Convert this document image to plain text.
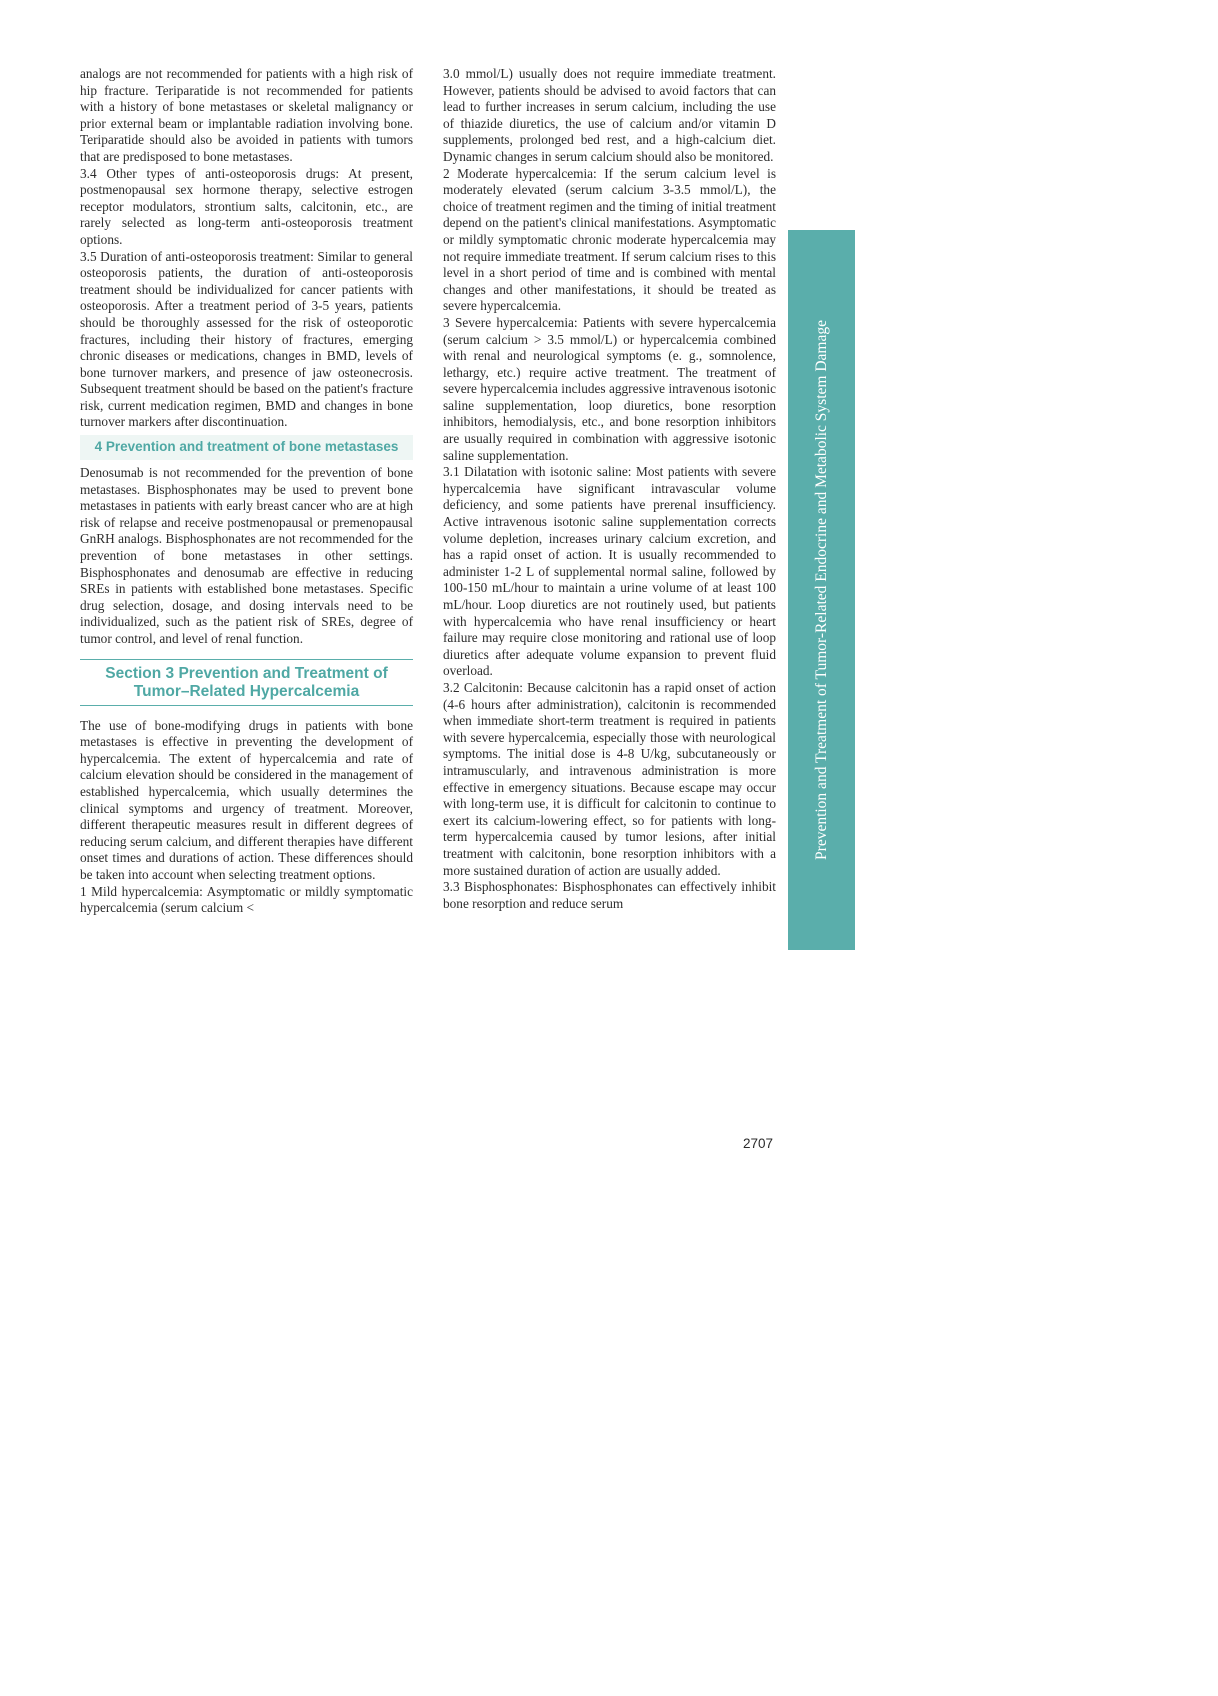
analogs are not recommended for patients with a high risk of hip fracture. Teriparatide is not recommended for patients with a history of bone metastases or skeletal malignancy or prior external beam or implantable radiation involving bone. Teriparatide should also be avoided in patients with tumors that are predisposed to bone metastases.

3.4 Other types of anti-osteoporosis drugs: At present, postmenopausal sex hormone therapy, selective estrogen receptor modulators, strontium salts, calcitonin, etc., are rarely selected as long-term anti-osteoporosis treatment options.

3.5 Duration of anti-osteoporosis treatment: Similar to general osteoporosis patients, the duration of anti-osteoporosis treatment should be individualized for cancer patients with osteoporosis. After a treatment period of 3-5 years, patients should be thoroughly assessed for the risk of osteoporotic fractures, including their history of fractures, emerging chronic diseases or medications, changes in BMD, levels of bone turnover markers, and presence of jaw osteonecrosis. Subsequent treatment should be based on the patient's fracture risk, current medication regimen, BMD and changes in bone turnover markers after discontinuation.

4 Prevention and treatment of bone metastases

Denosumab is not recommended for the prevention of bone metastases. Bisphosphonates may be used to prevent bone metastases in patients with early breast cancer who are at high risk of relapse and receive postmenopausal or premenopausal GnRH analogs. Bisphosphonates are not recommended for the prevention of bone metastases in other settings. Bisphosphonates and denosumab are effective in reducing SREs in patients with established bone metastases. Specific drug selection, dosage, and dosing intervals need to be individualized, such as the patient risk of SREs, degree of tumor control, and level of renal function.

Section 3 Prevention and Treatment of Tumor–Related Hypercalcemia

The use of bone-modifying drugs in patients with bone metastases is effective in preventing the development of hypercalcemia. The extent of hypercalcemia and rate of calcium elevation should be considered in the management of established hypercalcemia, which usually determines the clinical symptoms and urgency of treatment. Moreover, different therapeutic measures result in different degrees of reducing serum calcium, and different therapies have different onset times and durations of action. These differences should be taken into account when selecting treatment options.

1 Mild hypercalcemia: Asymptomatic or mildly symptomatic hypercalcemia (serum calcium <

3.0 mmol/L) usually does not require immediate treatment. However, patients should be advised to avoid factors that can lead to further increases in serum calcium, including the use of thiazide diuretics, the use of calcium and/or vitamin D supplements, prolonged bed rest, and a high-calcium diet. Dynamic changes in serum calcium should also be monitored.

2 Moderate hypercalcemia: If the serum calcium level is moderately elevated (serum calcium 3-3.5 mmol/L), the choice of treatment regimen and the timing of initial treatment depend on the patient's clinical manifestations. Asymptomatic or mildly symptomatic chronic moderate hypercalcemia may not require immediate treatment. If serum calcium rises to this level in a short period of time and is combined with mental changes and other manifestations, it should be treated as severe hypercalcemia.

3 Severe hypercalcemia: Patients with severe hypercalcemia (serum calcium > 3.5 mmol/L) or hypercalcemia combined with renal and neurological symptoms (e. g., somnolence, lethargy, etc.) require active treatment. The treatment of severe hypercalcemia includes aggressive intravenous isotonic saline supplementation, loop diuretics, bone resorption inhibitors, hemodialysis, etc., and bone resorption inhibitors are usually required in combination with aggressive isotonic saline supplementation.

3.1 Dilatation with isotonic saline: Most patients with severe hypercalcemia have significant intravascular volume deficiency, and some patients have prerenal insufficiency. Active intravenous isotonic saline supplementation corrects volume depletion, increases urinary calcium excretion, and has a rapid onset of action. It is usually recommended to administer 1-2 L of supplemental normal saline, followed by 100-150 mL/hour to maintain a urine volume of at least 100 mL/hour. Loop diuretics are not routinely used, but patients with hypercalcemia who have renal insufficiency or heart failure may require close monitoring and rational use of loop diuretics after adequate volume expansion to prevent fluid overload.

3.2 Calcitonin: Because calcitonin has a rapid onset of action (4-6 hours after administration), calcitonin is recommended when immediate short-term treatment is required in patients with severe hypercalcemia, especially those with neurological symptoms. The initial dose is 4-8 U/kg, subcutaneously or intramuscularly, and intravenous administration is more effective in emergency situations. Because escape may occur with long-term use, it is difficult for calcitonin to continue to exert its calcium-lowering effect, so for patients with long-term hypercalcemia caused by tumor lesions, after initial treatment with calcitonin, bone resorption inhibitors with a more sustained duration of action are usually added.

3.3 Bisphosphonates: Bisphosphonates can effectively inhibit bone resorption and reduce serum

Prevention and Treatment of Tumor-Related Endocrine and Metabolic System Damage
2707
